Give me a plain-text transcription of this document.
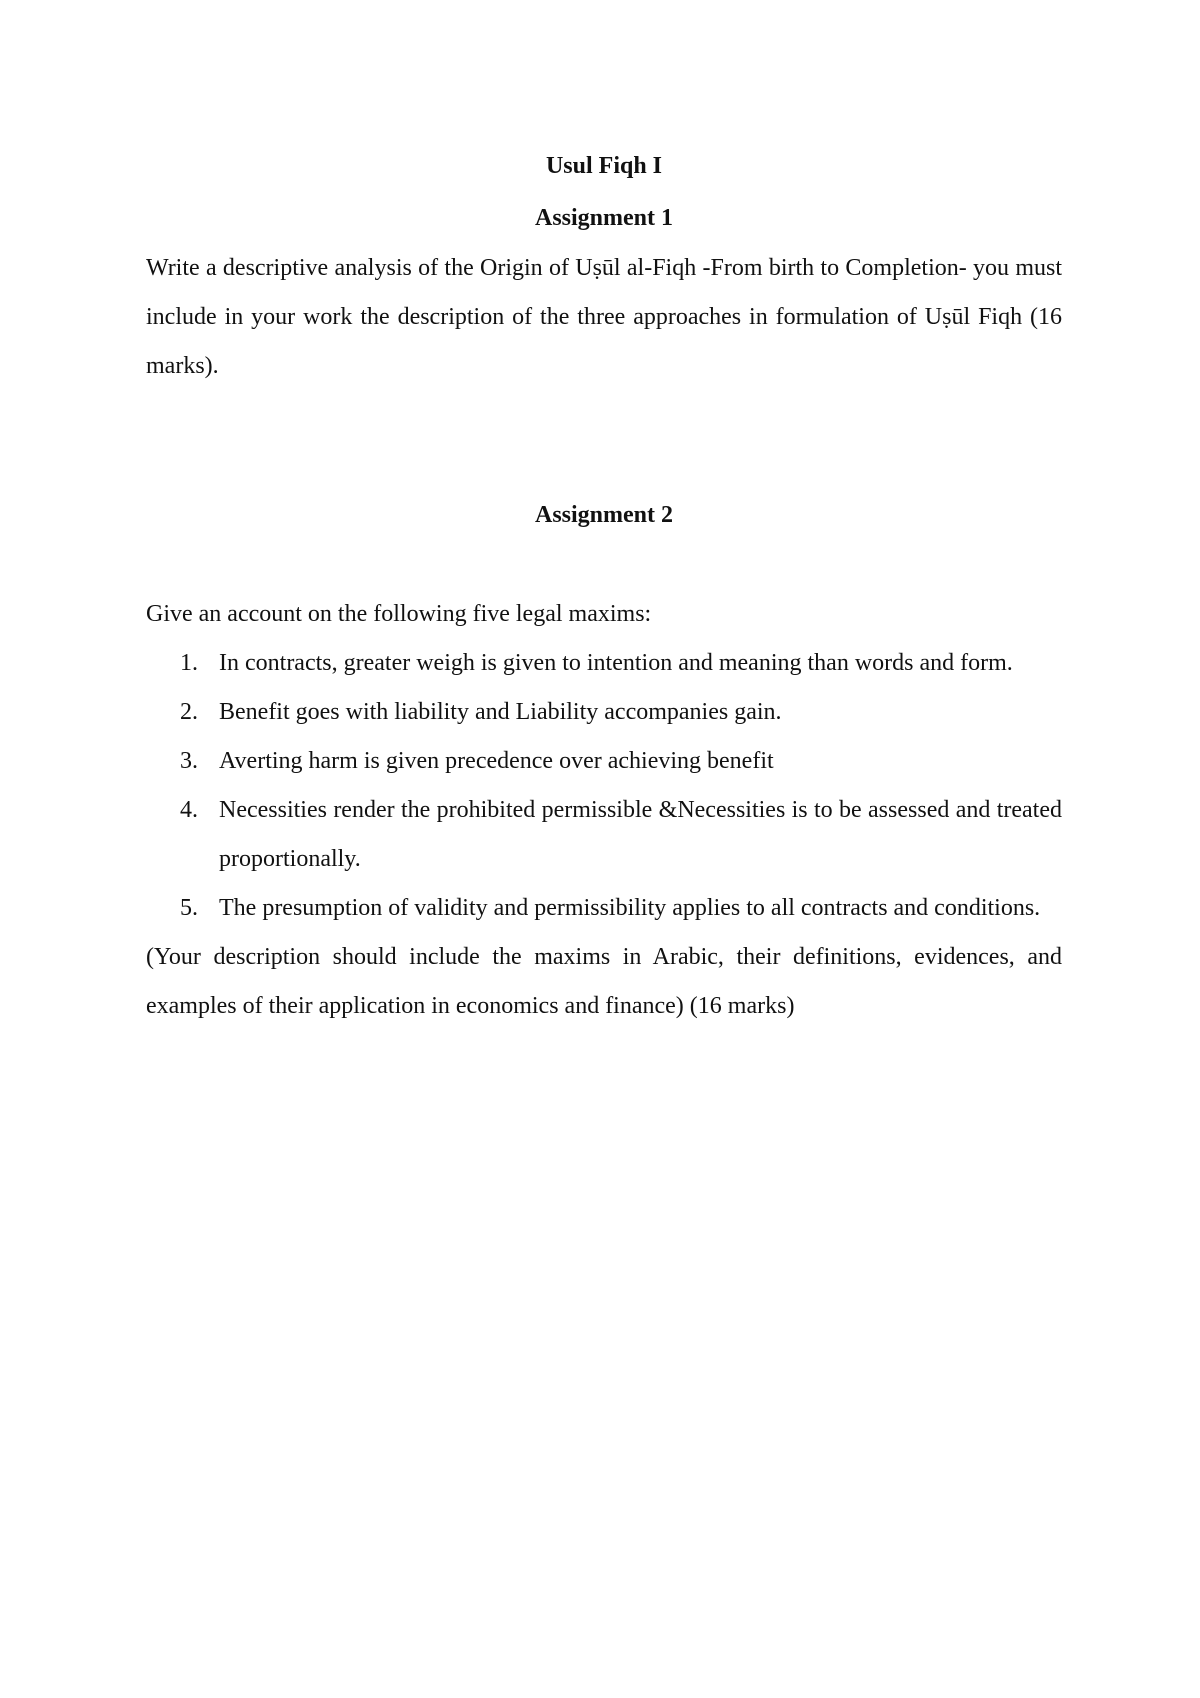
Usul Fiqh I

Assignment 1

Write a descriptive analysis of the Origin of Uṣūl al-Fiqh -From birth to Completion- you must include in your work the description of the three approaches in formulation of Uṣūl Fiqh (16 marks).

Assignment 2

Give an account on the following five legal maxims:

1. In contracts, greater weigh is given to intention and meaning than words and form.
2. Benefit goes with liability and Liability accompanies gain.
3. Averting harm is given precedence over achieving benefit
4. Necessities render the prohibited permissible &Necessities is to be assessed and treated proportionally.
5. The presumption of validity and permissibility applies to all contracts and conditions.

(Your description should include the maxims in Arabic, their definitions, evidences, and examples of their application in economics and finance) (16 marks)
